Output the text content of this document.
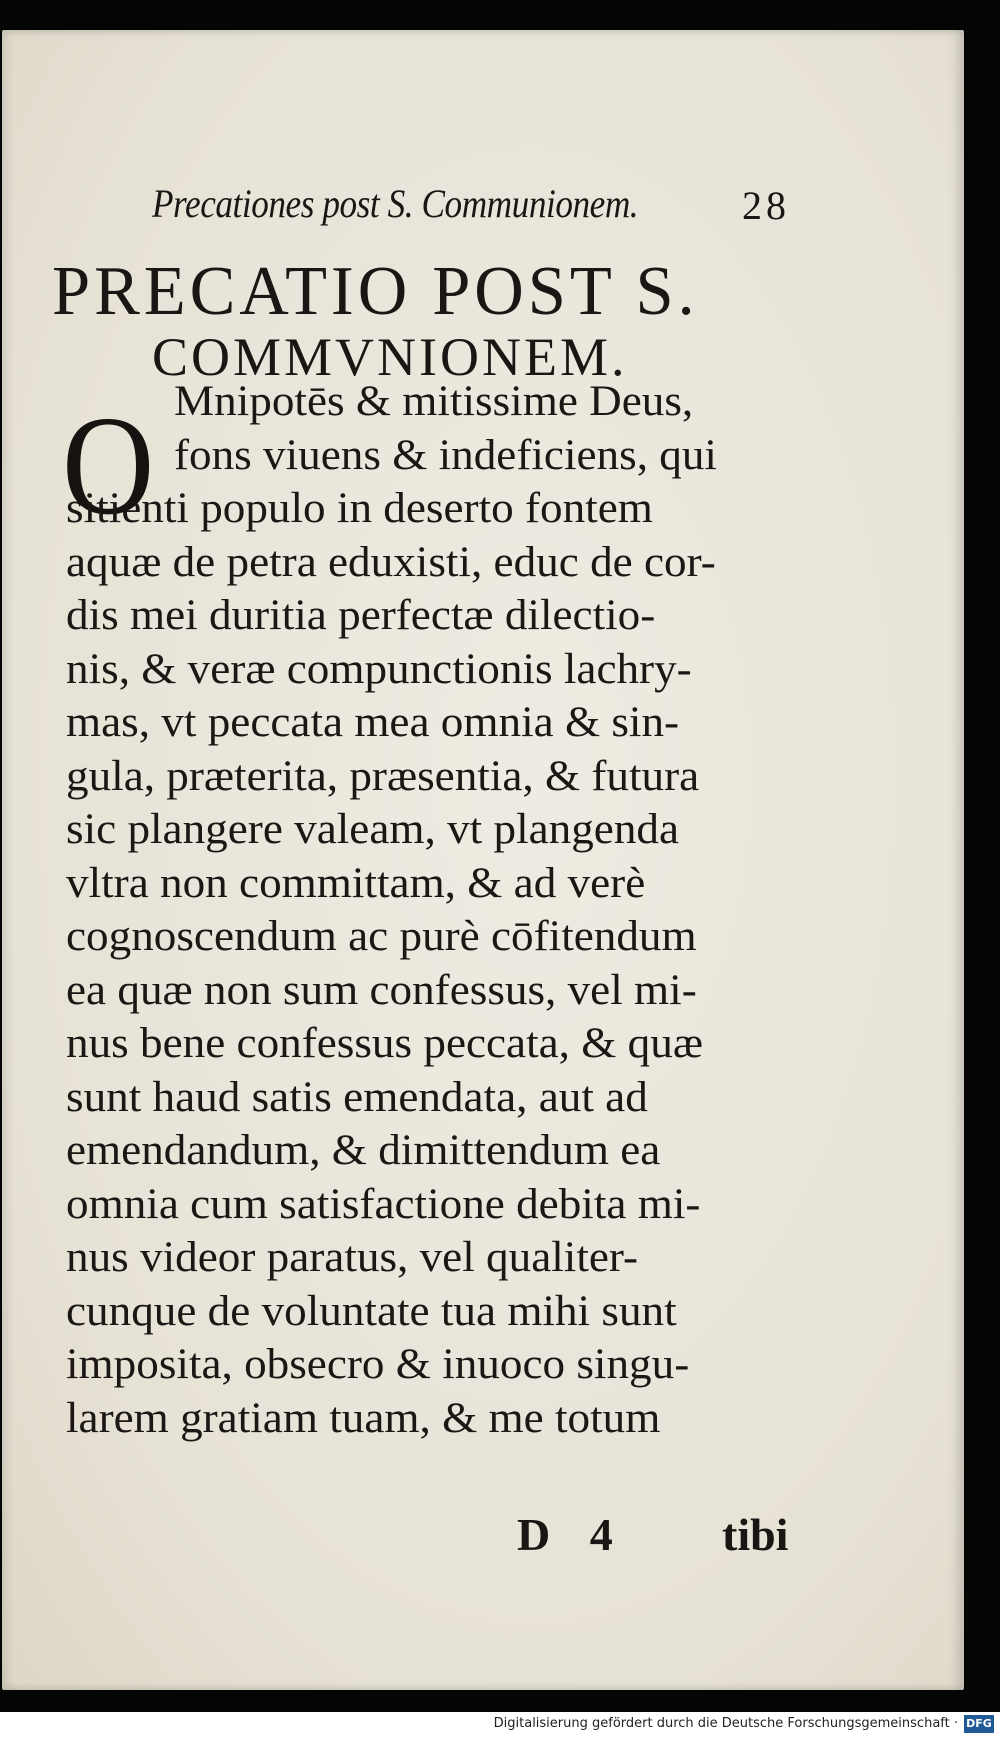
Precationes post S. Communionem.	28
PRECATIO POST S.
COMMVNIONEM.
O Mnipotēs & mitissime Deus,
fons viuens & indeficiens, qui
sitienti populo in deserto fontem
aquæ de petra eduxisti, educ de cor-
dis mei duritia perfectæ dilectio-
nis, & veræ compunctionis lachry-
mas, vt peccata mea omnia & sin-
gula, præterita, præsentia, & futura
sic plangere valeam, vt plangenda
vltra non committam, & ad verè
cognoscendum ac purè cōfitendum
ea quæ non sum confessus, vel mi-
nus bene confessus peccata, & quæ
sunt haud satis emendata, aut ad
emendandum, & dimittendum ea
omnia cum satisfactione debita mi-
nus videor paratus, vel qualiter-
cunque de voluntate tua mihi sunt
imposita, obsecro & inuoco singu-
larem gratiam tuam, & me totum
D 4 tibi
Digitalisierung gefördert durch die Deutsche Forschungsgemeinschaft · DFG
